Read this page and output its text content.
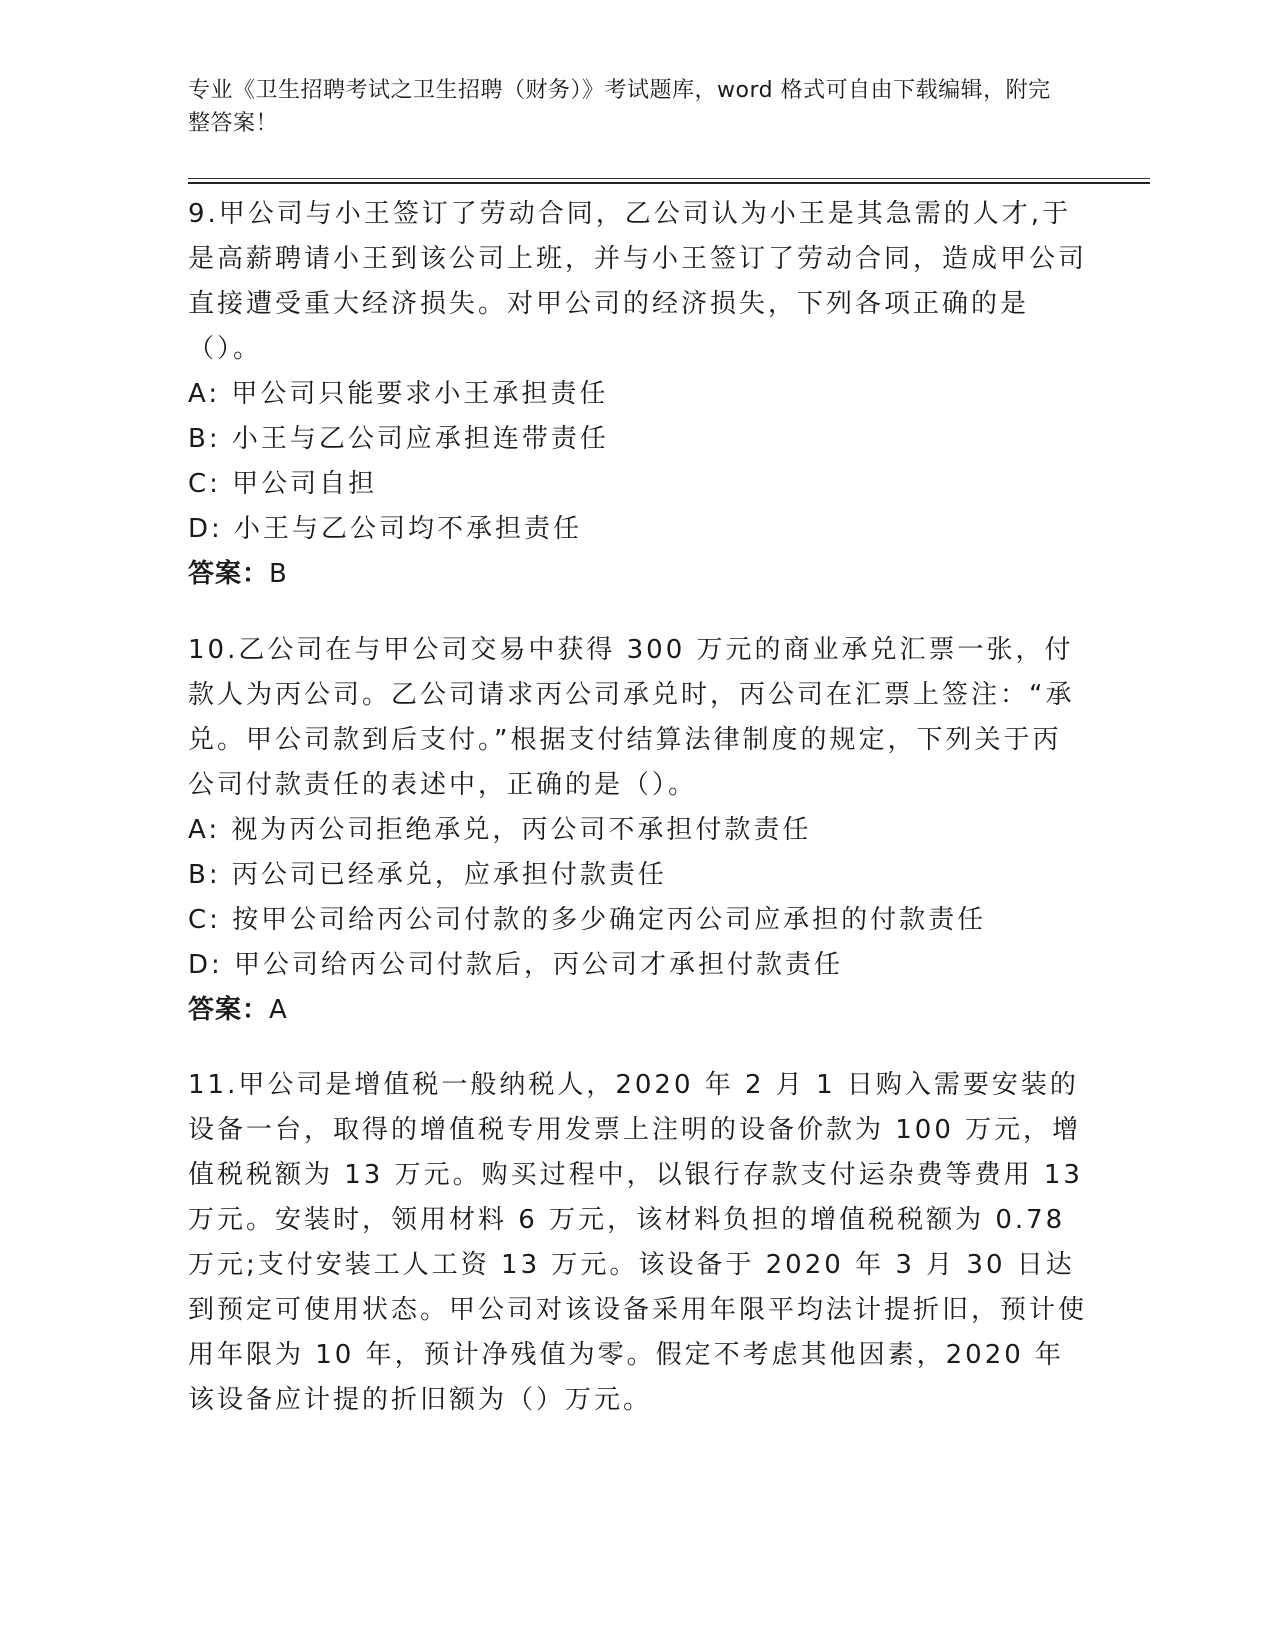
专业《卫生招聘考试之卫生招聘（财务）》考试题库，word 格式可自由下载编辑，附完整答案！

9.甲公司与小王签订了劳动合同，乙公司认为小王是其急需的人才,于是高薪聘请小王到该公司上班，并与小王签订了劳动合同，造成甲公司直接遭受重大经济损失。对甲公司的经济损失，下列各项正确的是（）。

A: 甲公司只能要求小王承担责任

B: 小王与乙公司应承担连带责任

C: 甲公司自担

D: 小王与乙公司均不承担责任

答案：B

10.乙公司在与甲公司交易中获得 300 万元的商业承兑汇票一张，付款人为丙公司。乙公司请求丙公司承兑时，丙公司在汇票上签注：“承兑。甲公司款到后支付。”根据支付结算法律制度的规定，下列关于丙公司付款责任的表述中，正确的是（）。

A: 视为丙公司拒绝承兑，丙公司不承担付款责任

B: 丙公司已经承兑，应承担付款责任

C: 按甲公司给丙公司付款的多少确定丙公司应承担的付款责任

D: 甲公司给丙公司付款后，丙公司才承担付款责任

答案：A

11.甲公司是增值税一般纳税人，2020 年 2 月 1 日购入需要安装的设备一台，取得的增值税专用发票上注明的设备价款为 100 万元，增值税税额为 13 万元。购买过程中，以银行存款支付运杂费等费用 13 万元。安装时，领用材料 6 万元，该材料负担的增值税税额为 0.78 万元;支付安装工人工资 13 万元。该设备于 2020 年 3 月 30 日达到预定可使用状态。甲公司对该设备采用年限平均法计提折旧，预计使用年限为 10 年，预计净残值为零。假定不考虑其他因素，2020 年该设备应计提的折旧额为（）万元。
